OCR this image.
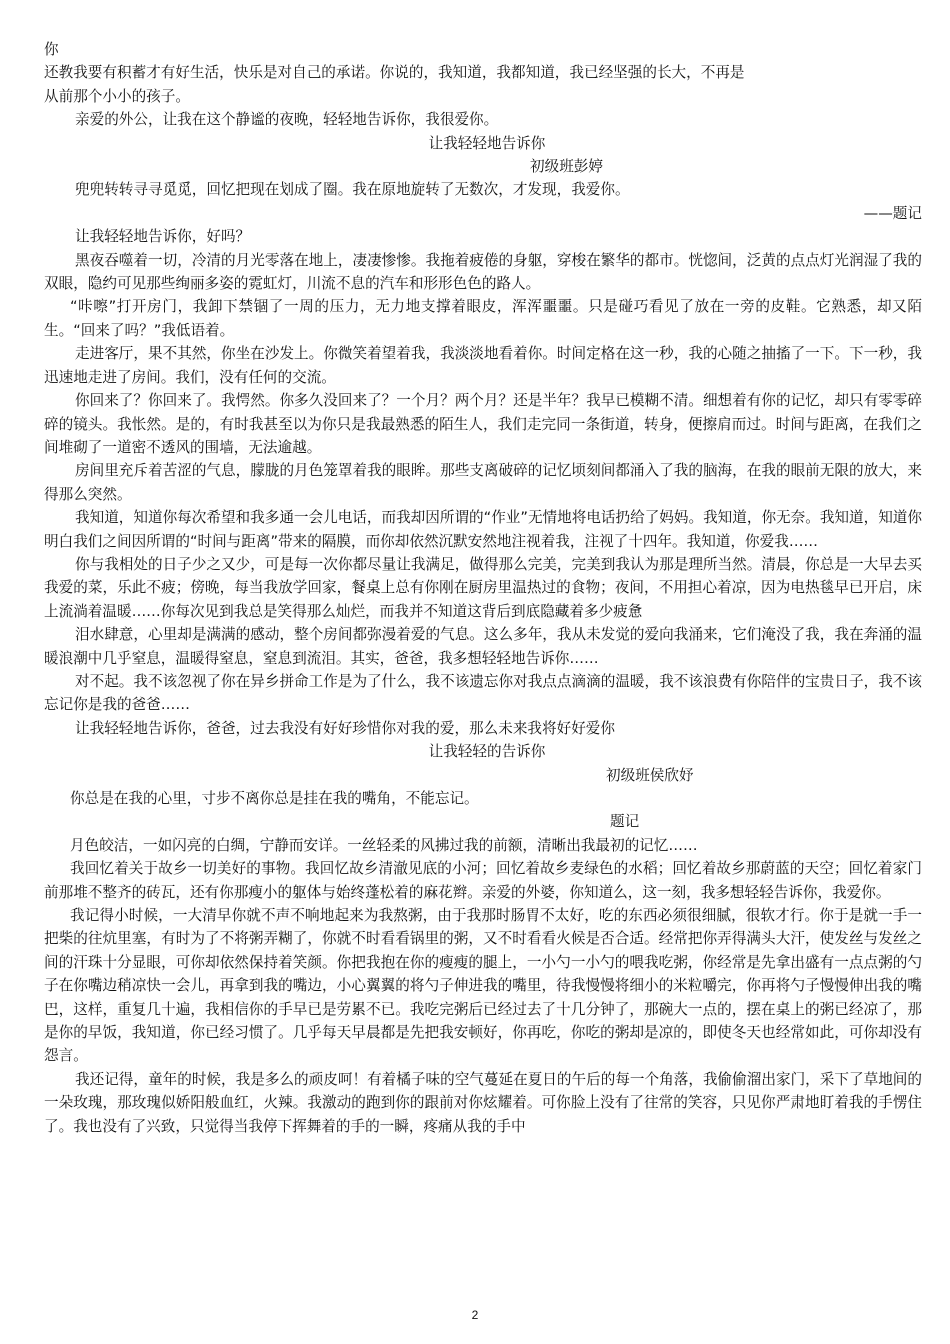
你
还教我要有积蓄才有好生活，快乐是对自己的承诺。你说的，我知道，我都知道，我已经坚强的长大，不再是
从前那个小小的孩子。
亲爱的外公，让我在这个静谧的夜晚，轻轻地告诉你，我很爱你。
让我轻轻地告诉你
初级班彭婷
兜兜转转寻寻觅觅，回忆把现在划成了圈。我在原地旋转了无数次，才发现，我爱你。
——题记
让我轻轻地告诉你，好吗？
黑夜吞噬着一切，冷清的月光零落在地上，凄凄惨惨。我拖着疲倦的身躯，穿梭在繁华的都市。恍惚间，泛黄的点点灯光润湿了我的双眼，隐约可见那些绚丽多姿的霓虹灯，川流不息的汽车和形形色色的路人。
“咔嚓”打开房门，我卸下禁锢了一周的压力，无力地支撑着眼皮，浑浑噩噩。只是碰巧看见了放在一旁的皮鞋。它熟悉，却又陌生。“回来了吗？”我低语着。
走进客厅，果不其然，你坐在沙发上。你微笑着望着我，我淡淡地看着你。时间定格在这一秒，我的心随之抽搐了一下。下一秒，我迅速地走进了房间。我们，没有任何的交流。
你回来了？你回来了。我愕然。你多久没回来了？一个月？两个月？还是半年？我早已模糊不清。细想着有你的记忆，却只有零零碎碎的镜头。我怅然。是的，有时我甚至以为你只是我最熟悉的陌生人，我们走完同一条街道，转身，便擦肩而过。时间与距离，在我们之间堆砌了一道密不透风的围墙，无法逾越。
房间里充斥着苦涩的气息，朦胧的月色笼罩着我的眼眸。那些支离破碎的记忆顷刻间都涌入了我的脑海，在我的眼前无限的放大，来得那么突然。
我知道，知道你每次希望和我多通一会儿电话，而我却因所谓的“作业”无情地将电话扔给了妈妈。我知道，你无奈。我知道，知道你明白我们之间因所谓的“时间与距离”带来的隔膜，而你却依然沉默安然地注视着我，注视了十四年。我知道，你爱我……
你与我相处的日子少之又少，可是每一次你都尽量让我满足，做得那么完美，完美到我认为那是理所当然。清晨，你总是一大早去买我爱的菜，乐此不疲；傍晚，每当我放学回家，餐桌上总有你刚在厨房里温热过的食物；夜间，不用担心着凉，因为电热毯早已开启，床上流淌着温暖……你每次见到我总是笑得那么灿烂，而我并不知道这背后到底隐藏着多少疲惫
泪水肆意，心里却是满满的感动，整个房间都弥漫着爱的气息。这么多年，我从未发觉的爱向我涌来，它们淹没了我，我在奔涌的温暖浪潮中几乎窒息，温暖得窒息，窒息到流泪。其实，爸爸，我多想轻轻地告诉你……
对不起。我不该忽视了你在异乡拼命工作是为了什么，我不该遗忘你对我点点滴滴的温暖，我不该浪费有你陪伴的宝贵日子，我不该忘记你是我的爸爸……
让我轻轻地告诉你，爸爸，过去我没有好好珍惜你对我的爱，那么未来我将好好爱你
让我轻轻的告诉你
初级班侯欣妤
你总是在我的心里，寸步不离你总是挂在我的嘴角，不能忘记。
题记
月色皎洁，一如闪亮的白绸，宁静而安详。一丝轻柔的风拂过我的前额，清晰出我最初的记忆……
我回忆着关于故乡一切美好的事物。我回忆故乡清澈见底的小河；回忆着故乡麦绿色的水稻；回忆着故乡那蔚蓝的天空；回忆着家门前那堆不整齐的砖瓦，还有你那瘦小的躯体与始终蓬松着的麻花辫。亲爱的外婆，你知道么，这一刻，我多想轻轻告诉你，我爱你。
我记得小时候，一大清早你就不声不响地起来为我熬粥，由于我那时肠胃不太好，吃的东西必须很细腻，很软才行。你于是就一手一把柴的往炕里塞，有时为了不将粥弄糊了，你就不时看看锅里的粥，又不时看看火候是否合适。经常把你弄得满头大汗，使发丝与发丝之间的汗珠十分显眼，可你却依然保持着笑颜。你把我抱在你的瘦瘦的腿上，一小勺一小勺的喂我吃粥，你经常是先拿出盛有一点点粥的勺子在你嘴边稍凉快一会儿，再拿到我的嘴边，小心翼翼的将勺子伸进我的嘴里，待我慢慢将细小的米粒嚼完，你再将勺子慢慢伸出我的嘴巴，这样，重复几十遍，我相信你的手早已是劳累不已。我吃完粥后已经过去了十几分钟了，那碗大一点的，摆在桌上的粥已经凉了，那是你的早饭，我知道，你已经习惯了。几乎每天早晨都是先把我安顿好，你再吃，你吃的粥却是凉的，即使冬天也经常如此，可你却没有怨言。
我还记得，童年的时候，我是多么的顽皮呵！有着橘子味的空气蔓延在夏日的午后的每一个角落，我偷偷溜出家门，采下了草地间的一朵玫瑰，那玫瑰似娇阳般血红，火辣。我激动的跑到你的跟前对你炫耀着。可你脸上没有了往常的笑容，只见你严肃地盯着我的手愣住了。我也没有了兴致，只觉得当我停下挥舞着的手的一瞬，疼痛从我的手中
2
